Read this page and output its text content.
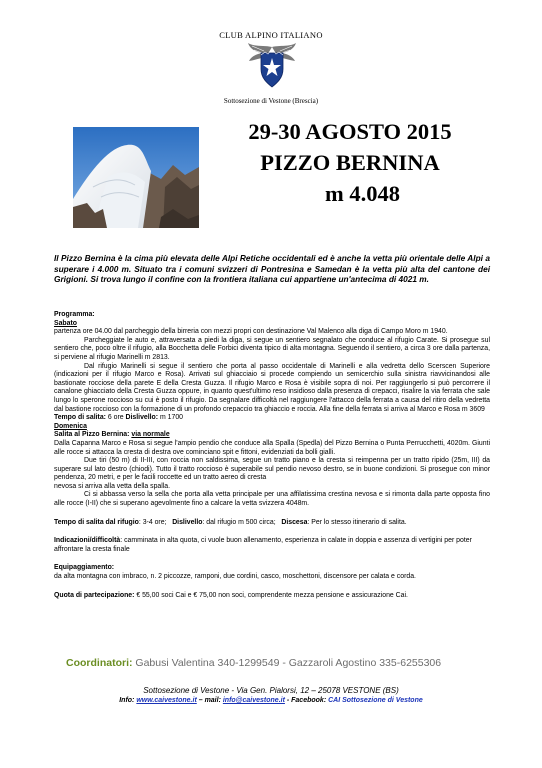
CLUB ALPINO ITALIANO
Sottosezione di Vestone (Brescia)
29-30 AGOSTO 2015
PIZZO BERNINA
m 4.048
Il Pizzo Bernina è la cima più elevata delle Alpi Retiche occidentali ed è anche la vetta più orientale delle Alpi a superare i 4.000 m. Situato tra i comuni svizzeri di Pontresina e Samedan è la vetta più alta del cantone dei Grigioni. Si trova lungo il confine con la frontiera italiana cui appartiene un'antecima di 4021 m.

Programma:

Sabato

partenza ore 04.00 dal parcheggio della birreria con mezzi propri con destinazione Val Malenco alla diga di Campo Moro m 1940.

Parcheggiate le auto e, attraversata a piedi la diga, si segue un sentiero segnalato che conduce al rifugio Carate. Si prosegue sul sentiero che, poco oltre il rifugio, alla Bocchetta delle Forbici diventa tipico di alta montagna. Seguendo il sentiero, a circa 3 ore dalla partenza, si perviene al rifugio Marinelli m 2813.

Dal rifugio Marinelli si segue il sentiero che porta al passo occidentale di Marinelli e alla vedretta dello Scerscen Superiore (indicazioni per il rifugio Marco e Rosa). Arrivati sul ghiacciaio si procede compiendo un semicerchio sulla sinistra riavvicinandosi alle bastionate rocciose della parete E della Cresta Guzza. Il rifugio Marco e Rosa è visibile sopra di noi. Per raggiungerlo si può percorrere il canalone ghiacciato della Cresta Guzza oppure, in quanto quest'ultimo reso insidioso dalla presenza di crepacci, risalire la via ferrata che sale lungo lo sperone roccioso su cui è posto il rifugio. Da segnalare difficoltà nel raggiungere l'attacco della ferrata a causa del ritiro della vedretta dal bastione roccioso con la formazione di un profondo crepaccio tra ghiaccio e roccia. Alla fine della ferrata si arriva al Marco e Rosa m 3609

Tempo di salita: 6 ore Dislivello: m 1700

Domenica

Salita al Pizzo Bernina: via normale

Dalla Capanna Marco e Rosa si segue l'ampio pendio che conduce alla Spalla (Spedla) del Pizzo Bernina o Punta Perrucchetti, 4020m. Giunti alle rocce si attacca la cresta di destra ove cominciano spit e fittoni, evidenziati da bolli gialli.

Due tiri (50 m) di II-III, con roccia non saldissima, segue un tratto piano e la cresta si reimpenna per un tratto ripido (25m, III) da superare sul lato destro (chiodi). Tutto il tratto roccioso è superabile sul pendio nevoso destro, se in buone condizioni. Si prosegue con minor pendenza, 20 metri, e per le facili roccette ed un tratto aereo di cresta

nevosa si arriva alla vetta della spalla.

Ci si abbassa verso la sella che porta alla vetta principale per una affilatissima crestina nevosa e si rimonta dalla parte opposta fino alle rocce (I-II) che si superano agevolmente fino a calcare la vetta svizzera 4048m.

Tempo di salita dal rifugio: 3-4 ore; Dislivello: dal rifugio m 500 circa; Discesa: Per lo stesso itinerario di salita.

Indicazioni/difficoltà: camminata in alta quota, ci vuole buon allenamento, esperienza in calate in doppia e assenza di vertigini per poter affrontare la cresta finale

Equipaggiamento:

da alta montagna con imbraco, n. 2 piccozze, ramponi, due cordini, casco, moschettoni, discensore per calata e corda.

Quota di partecipazione: € 55,00 soci Cai e € 75,00 non soci, comprendente mezza pensione e assicurazione Cai.

Coordinatori: Gabusi Valentina 340-1299549 - Gazzaroli Agostino 335-6255306
Sottosezione di Vestone - Via Gen. Pialorsi, 12 – 25078 VESTONE (BS)
Info: www.caivestone.it – mail: info@caivestone.it - Facebook: CAI Sottosezione di Vestone
